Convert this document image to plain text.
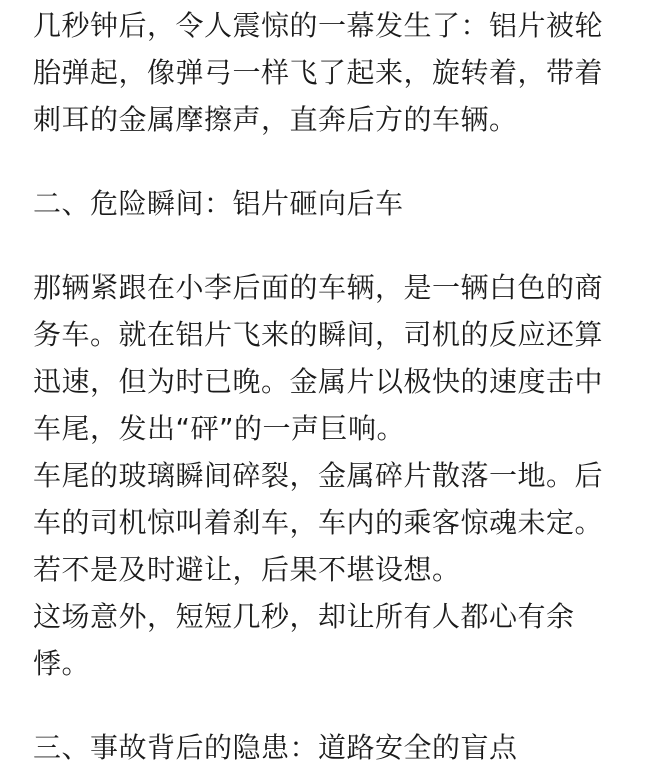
几秒钟后，令人震惊的一幕发生了：铝片被轮

胎弹起，像弹弓一样飞了起来，旋转着，带着

刺耳的金属摩擦声，直奔后方的车辆。

二、危险瞬间：铝片砸向后车

那辆紧跟在小李后面的车辆，是一辆白色的商

务车。就在铝片飞来的瞬间，司机的反应还算

迅速，但为时已晚。金属片以极快的速度击中

车尾，发出“砰”的一声巨响。

车尾的玻璃瞬间碎裂，金属碎片散落一地。后

车的司机惊叫着刹车，车内的乘客惊魂未定。

若不是及时避让，后果不堪设想。

这场意外，短短几秒，却让所有人都心有余

悸。

三、事故背后的隐患：道路安全的盲点
